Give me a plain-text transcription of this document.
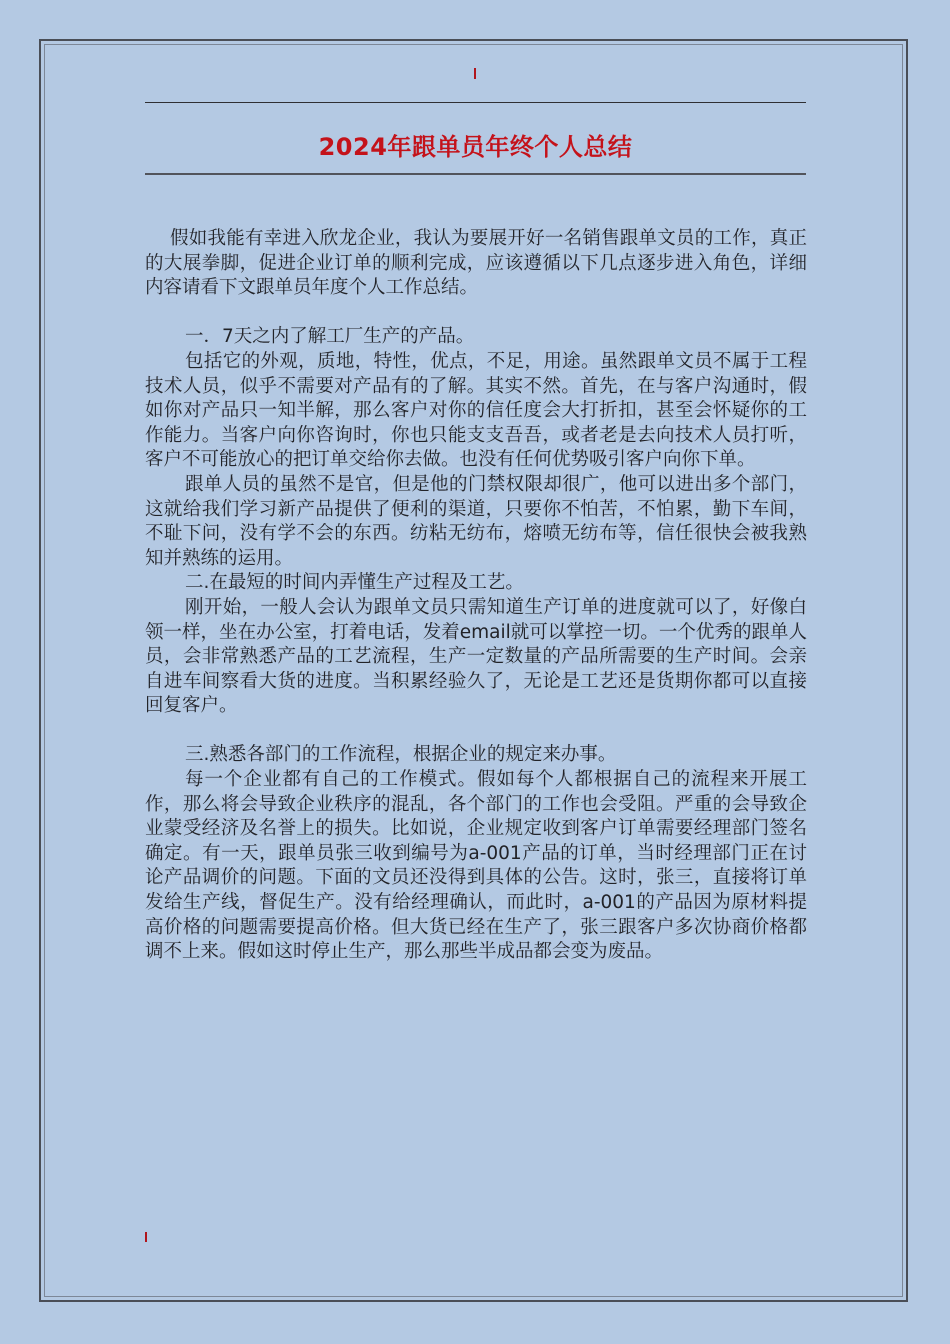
2024年跟单员年终个人总结

假如我能有幸进入欣龙企业，我认为要展开好一名销售跟单文员的工作，真正的大展拳脚，促进企业订单的顺利完成，应该遵循以下几点逐步进入角色，详细内容请看下文跟单员年度个人工作总结。

一．7天之内了解工厂生产的产品。

包括它的外观，质地，特性，优点，不足，用途。虽然跟单文员不属于工程技术人员，似乎不需要对产品有的了解。其实不然。首先，在与客户沟通时，假如你对产品只一知半解，那么客户对你的信任度会大打折扣，甚至会怀疑你的工作能力。当客户向你咨询时，你也只能支支吾吾，或者老是去向技术人员打听，客户不可能放心的把订单交给你去做。也没有任何优势吸引客户向你下单。

跟单人员的虽然不是官，但是他的门禁权限却很广，他可以进出多个部门，这就给我们学习新产品提供了便利的渠道，只要你不怕苦，不怕累，勤下车间，不耻下问，没有学不会的东西。纺粘无纺布，熔喷无纺布等，信任很快会被我熟知并熟练的运用。

二.在最短的时间内弄懂生产过程及工艺。

刚开始，一般人会认为跟单文员只需知道生产订单的进度就可以了，好像白领一样，坐在办公室，打着电话，发着email就可以掌控一切。一个优秀的跟单人员，会非常熟悉产品的工艺流程，生产一定数量的产品所需要的生产时间。会亲自进车间察看大货的进度。当积累经验久了，无论是工艺还是货期你都可以直接回复客户。

三.熟悉各部门的工作流程，根据企业的规定来办事。

每一个企业都有自己的工作模式。假如每个人都根据自己的流程来开展工作，那么将会导致企业秩序的混乱，各个部门的工作也会受阻。严重的会导致企业蒙受经济及名誉上的损失。比如说，企业规定收到客户订单需要经理部门签名确定。有一天，跟单员张三收到编号为a-001产品的订单，当时经理部门正在讨论产品调价的问题。下面的文员还没得到具体的公告。这时，张三，直接将订单发给生产线，督促生产。没有给经理确认，而此时，a-001的产品因为原材料提高价格的问题需要提高价格。但大货已经在生产了，张三跟客户多次协商价格都调不上来。假如这时停止生产，那么那些半成品都会变为废品。
